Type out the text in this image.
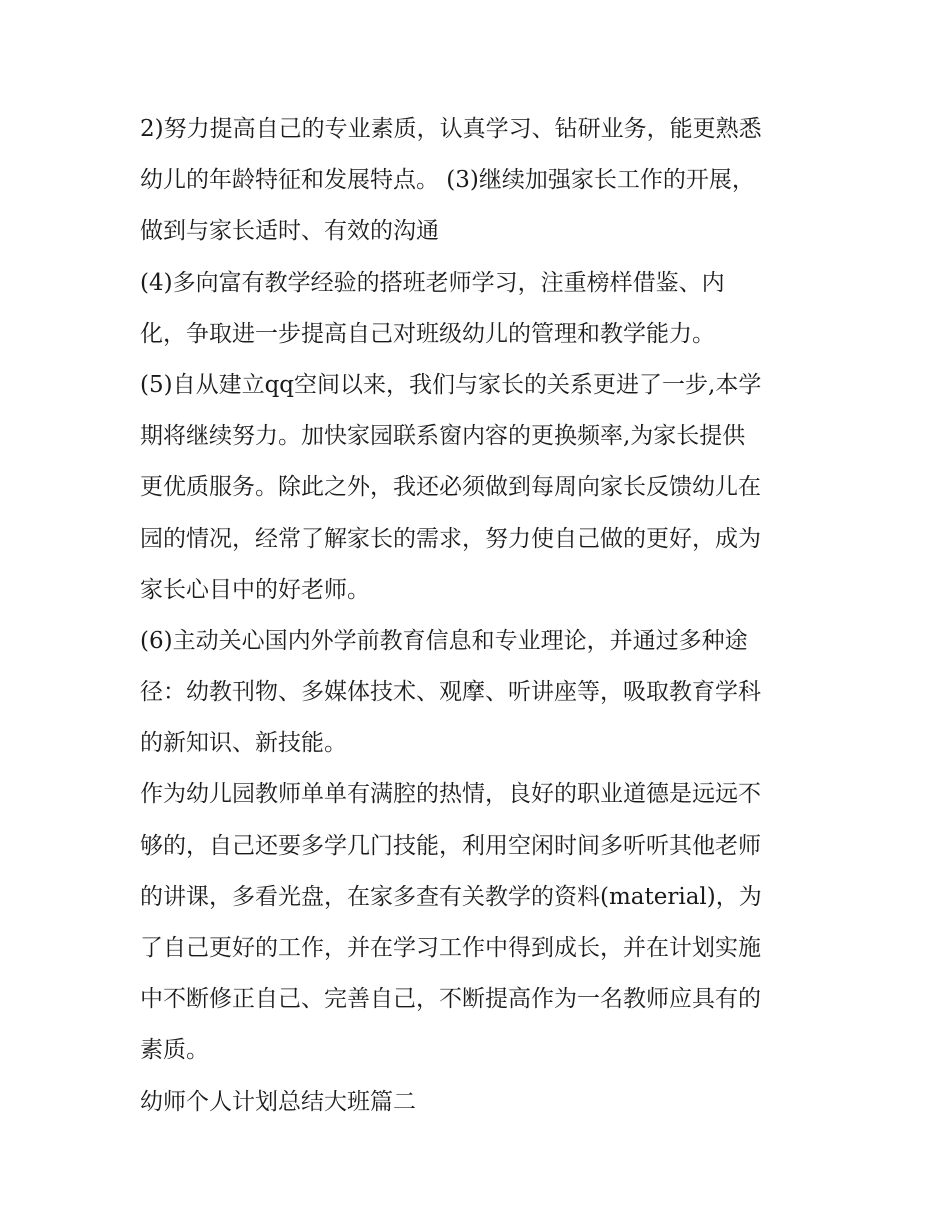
2)努力提高自己的专业素质，认真学习、钻研业务，能更熟悉
幼儿的年龄特征和发展特点。 (3)继续加强家长工作的开展，
做到与家长适时、有效的沟通
(4)多向富有教学经验的搭班老师学习，注重榜样借鉴、内
化，争取进一步提高自己对班级幼儿的管理和教学能力。
(5)自从建立qq空间以来，我们与家长的关系更进了一步,本学
期将继续努力。加快家园联系窗内容的更换频率,为家长提供
更优质服务。除此之外，我还必须做到每周向家长反馈幼儿在
园的情况，经常了解家长的需求，努力使自己做的更好，成为
家长心目中的好老师。
(6)主动关心国内外学前教育信息和专业理论，并通过多种途
径：幼教刊物、多媒体技术、观摩、听讲座等，吸取教育学科
的新知识、新技能。
作为幼儿园教师单单有满腔的热情，良好的职业道德是远远不
够的，自己还要多学几门技能，利用空闲时间多听听其他老师
的讲课，多看光盘，在家多查有关教学的资料(material)，为
了自己更好的工作，并在学习工作中得到成长，并在计划实施
中不断修正自己、完善自己，不断提高作为一名教师应具有的
素质。
幼师个人计划总结大班篇二
